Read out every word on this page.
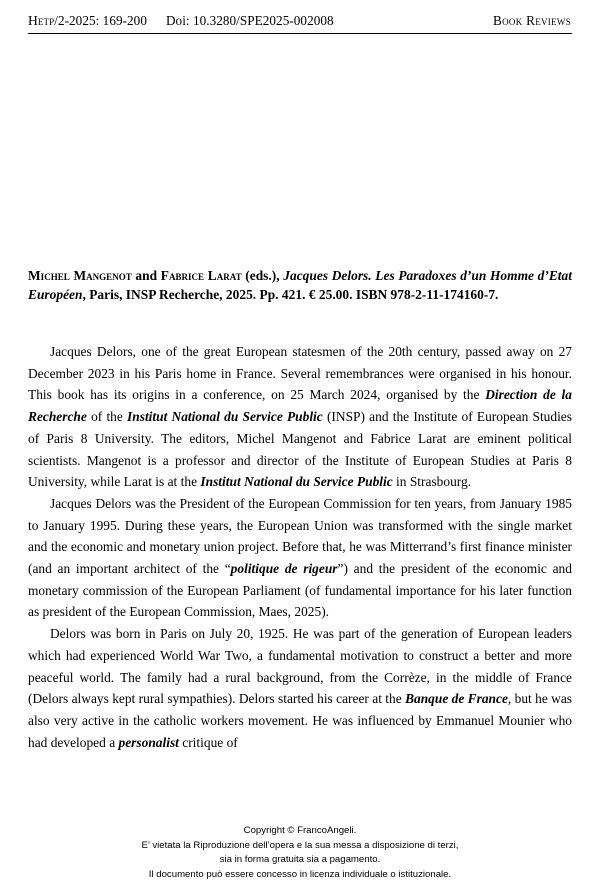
Hetp /2-2025: 169-200 Doi: 10.3280/SPE2025-002008	Book Reviews
Michel Mangenot and Fabrice Larat (eds.), Jacques Delors. Les Paradoxes d’un Homme d’Etat Européen, Paris, INSP Recherche, 2025. Pp. 421. € 25.00. ISBN 978-2-11-174160-7.

Jacques Delors, one of the great European statesmen of the 20th century, passed away on 27 December 2023 in his Paris home in France. Several remembrances were organised in his honour. This book has its origins in a conference, on 25 March 2024, organised by the Direction de la Recherche of the Institut National du Service Public (INSP) and the Institute of European Studies of Paris 8 University. The editors, Michel Mangenot and Fabrice Larat are eminent political scientists. Mangenot is a professor and director of the Institute of European Studies at Paris 8 University, while Larat is at the Institut National du Service Public in Strasbourg.

Jacques Delors was the President of the European Commission for ten years, from January 1985 to January 1995. During these years, the European Union was transformed with the single market and the economic and monetary union project. Before that, he was Mitterrand’s first finance minister (and an important architect of the “politique de rigeur”) and the president of the economic and monetary commission of the European Parliament (of fundamental importance for his later function as president of the European Commission, Maes, 2025).

Delors was born in Paris on July 20, 1925. He was part of the generation of European leaders which had experienced World War Two, a fundamental motivation to construct a better and more peaceful world. The family had a rural background, from the Corrèze, in the middle of France (Delors always kept rural sympathies). Delors started his career at the Banque de France, but he was also very active in the catholic workers movement. He was influenced by Emmanuel Mounier who had developed a personalist critique of

Copyright © FrancoAngeli.
E’ vietata la Riproduzione dell’opera e la sua messa a disposizione di terzi,
sia in forma gratuita sia a pagamento.
Il documento può essere concesso in licenza individuale o istituzionale.
